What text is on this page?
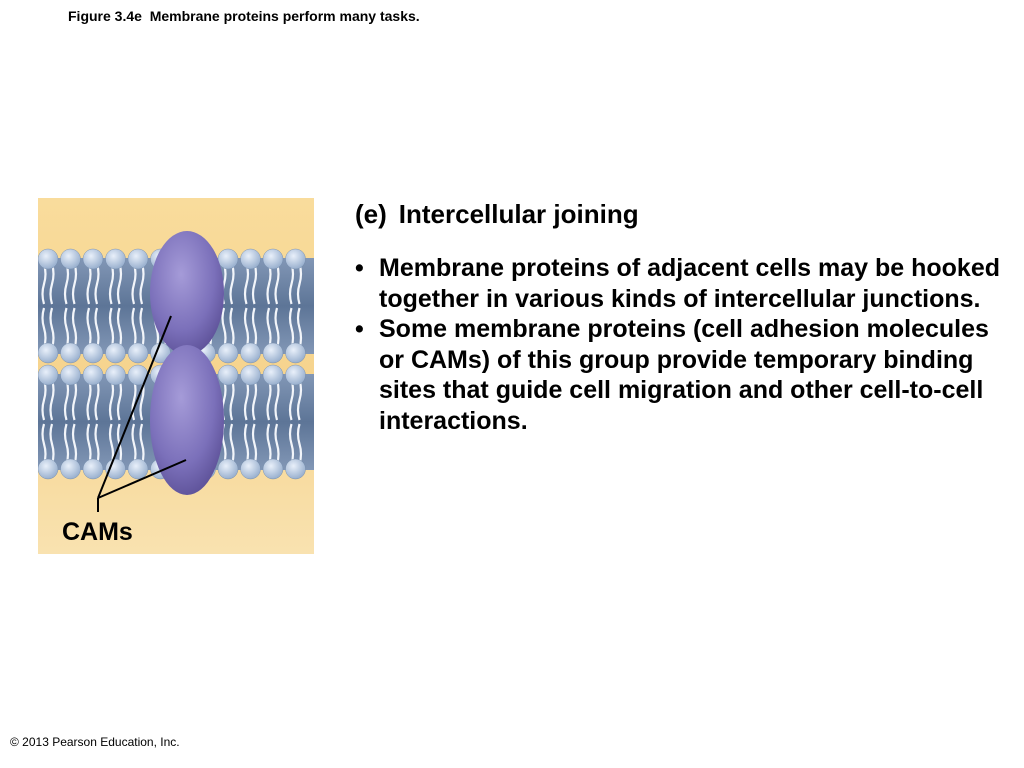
Figure 3.4e  Membrane proteins perform many tasks.
CAMs
(e) Intercellular joining
• Membrane proteins of adjacent cells may be hooked together in various kinds of intercellular junctions.
• Some membrane proteins (cell adhesion molecules or CAMs) of this group provide temporary binding sites that guide cell migration and other cell-to-cell interactions.
© 2013 Pearson Education, Inc.
